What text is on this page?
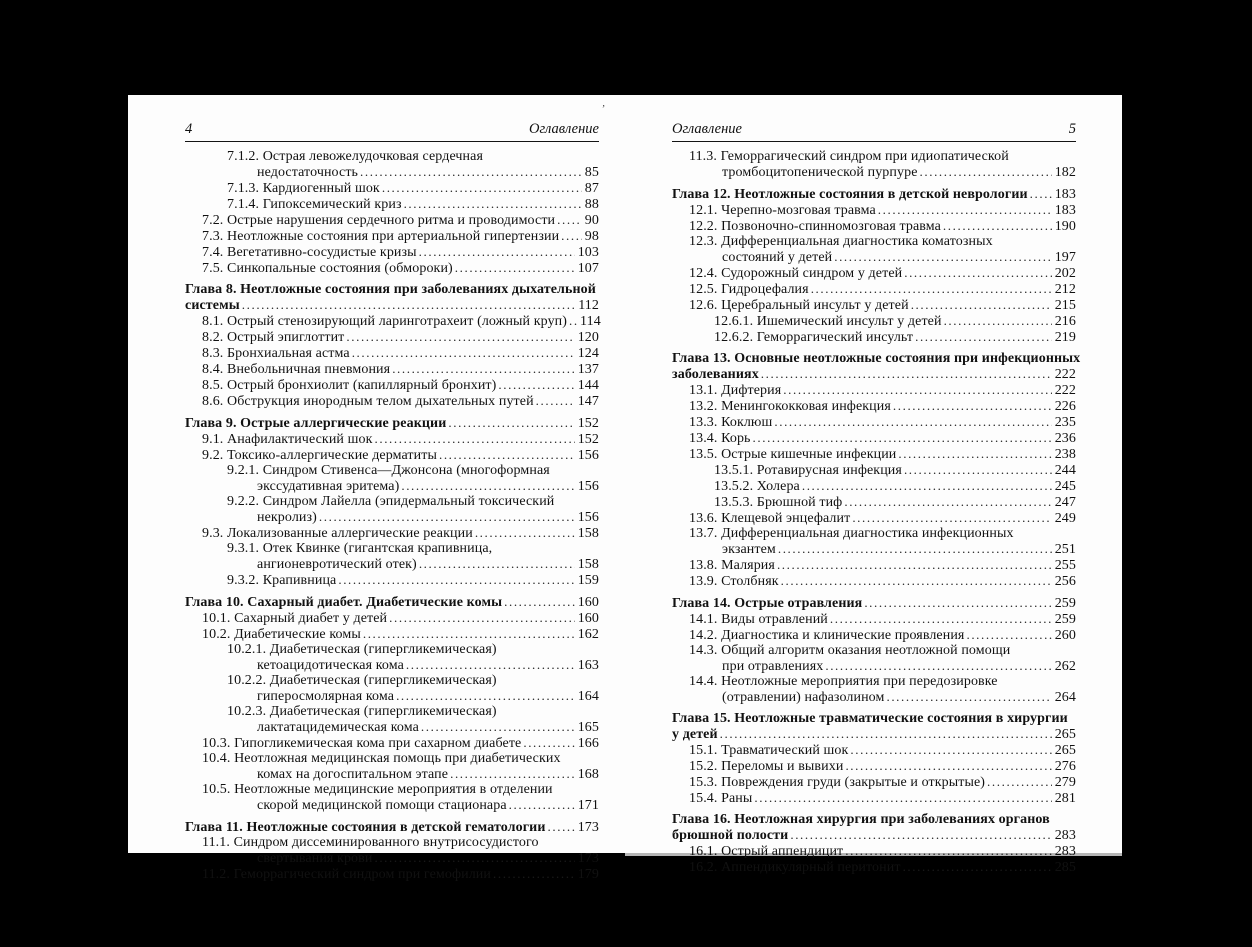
4	Оглавление
7.1.2. Острая левожелудочковая сердечная
недостаточность .....	85
7.1.3. Кардиогенный шок .....	87
7.1.4. Гипоксемический криз .....	88
7.2. Острые нарушения сердечного ритма и проводимости ..... 90
7.3. Неотложные состояния при артериальной гипертензии ..... 98
7.4. Вегетативно-сосудистые кризы .....	103
7.5. Синкопальные состояния (обмороки) .....	107
Глава 8. Неотложные состояния при заболеваниях дыхательной
системы .....	112
8.1. Острый стенозирующий ларинготрахеит (ложный круп) ..... 114
8.2. Острый эпиглоттит .....	120
8.3. Бронхиальная астма .....	124
8.4. Внебольничная пневмония .....	137
8.5. Острый бронхиолит (капиллярный бронхит) .....	144
8.6. Обструкция инородным телом дыхательных путей .....	147
Глава 9. Острые аллергические реакции .....	152
9.1. Анафилактический шок .....	152
9.2. Токсико-аллергические дерматиты .....	156
9.2.1. Синдром Стивенса—Джонсона (многоформная
экссудативная эритема) .....	156
9.2.2. Синдром Лайелла (эпидермальный токсический
некролиз) .....	156
9.3. Локализованные аллергические реакции .....	158
9.3.1. Отек Квинке (гигантская крапивница,
ангионевротический отек) .....	158
9.3.2. Крапивница .....	159
Глава 10. Сахарный диабет. Диабетические комы .....	160
10.1. Сахарный диабет у детей .....	160
10.2. Диабетические комы .....	162
10.2.1. Диабетическая (гипергликемическая)
кетоацидотическая кома .....	163
10.2.2. Диабетическая (гипергликемическая)
гиперосмолярная кома .....	164
10.2.3. Диабетическая (гипергликемическая)
лактатацидемическая кома .....	165
10.3. Гипогликемическая кома при сахарном диабете .....	166
10.4. Неотложная медицинская помощь при диабетических
комах на догоспитальном этапе .....	168
10.5. Неотложные медицинские мероприятия в отделении
скорой медицинской помощи стационара .....	171
Глава 11. Неотложные состояния в детской гематологии ..... 173
11.1. Синдром диссеминированного внутрисосудистого
свертывания крови .....	173
11.2. Геморрагический синдром при гемофилии .....	179
Оглавление	5
11.3. Геморрагический синдром при идиопатической
тромбоцитопенической пурпуре .....	182
Глава 12. Неотложные состояния в детской неврологии ..... 183
12.1. Черепно-мозговая травма .....	183
12.2. Позвоночно-спинномозговая травма .....	190
12.3. Дифференциальная диагностика коматозных
состояний у детей .....	197
12.4. Судорожный синдром у детей .....	202
12.5. Гидроцефалия .....	212
12.6. Церебральный инсульт у детей .....	215
12.6.1. Ишемический инсульт у детей .....	216
12.6.2. Геморрагический инсульт .....	219
Глава 13. Основные неотложные состояния при инфекционных
заболеваниях .....	222
13.1. Дифтерия .....	222
13.2. Менингококковая инфекция .....	226
13.3. Коклюш .....	235
13.4. Корь .....	236
13.5. Острые кишечные инфекции .....	238
13.5.1. Ротавирусная инфекция .....	244
13.5.2. Холера .....	245
13.5.3. Брюшной тиф .....	247
13.6. Клещевой энцефалит .....	249
13.7. Дифференциальная диагностика инфекционных
экзантем .....	251
13.8. Малярия .....	255
13.9. Столбняк .....	256
Глава 14. Острые отравления .....	259
14.1. Виды отравлений .....	259
14.2. Диагностика и клинические проявления .....	260
14.3. Общий алгоритм оказания неотложной помощи
при отравлениях .....	262
14.4. Неотложные мероприятия при передозировке
(отравлении) нафазолином .....	264
Глава 15. Неотложные травматические состояния в хирургии
у детей .....	265
15.1. Травматический шок .....	265
15.2. Переломы и вывихи .....	276
15.3. Повреждения груди (закрытые и открытые) .....	279
15.4. Раны .....	281
Глава 16. Неотложная хирургия при заболеваниях органов
брюшной полости .....	283
16.1. Острый аппендицит .....	283
16.2. Аппендикулярный перитонит .....	285
’
